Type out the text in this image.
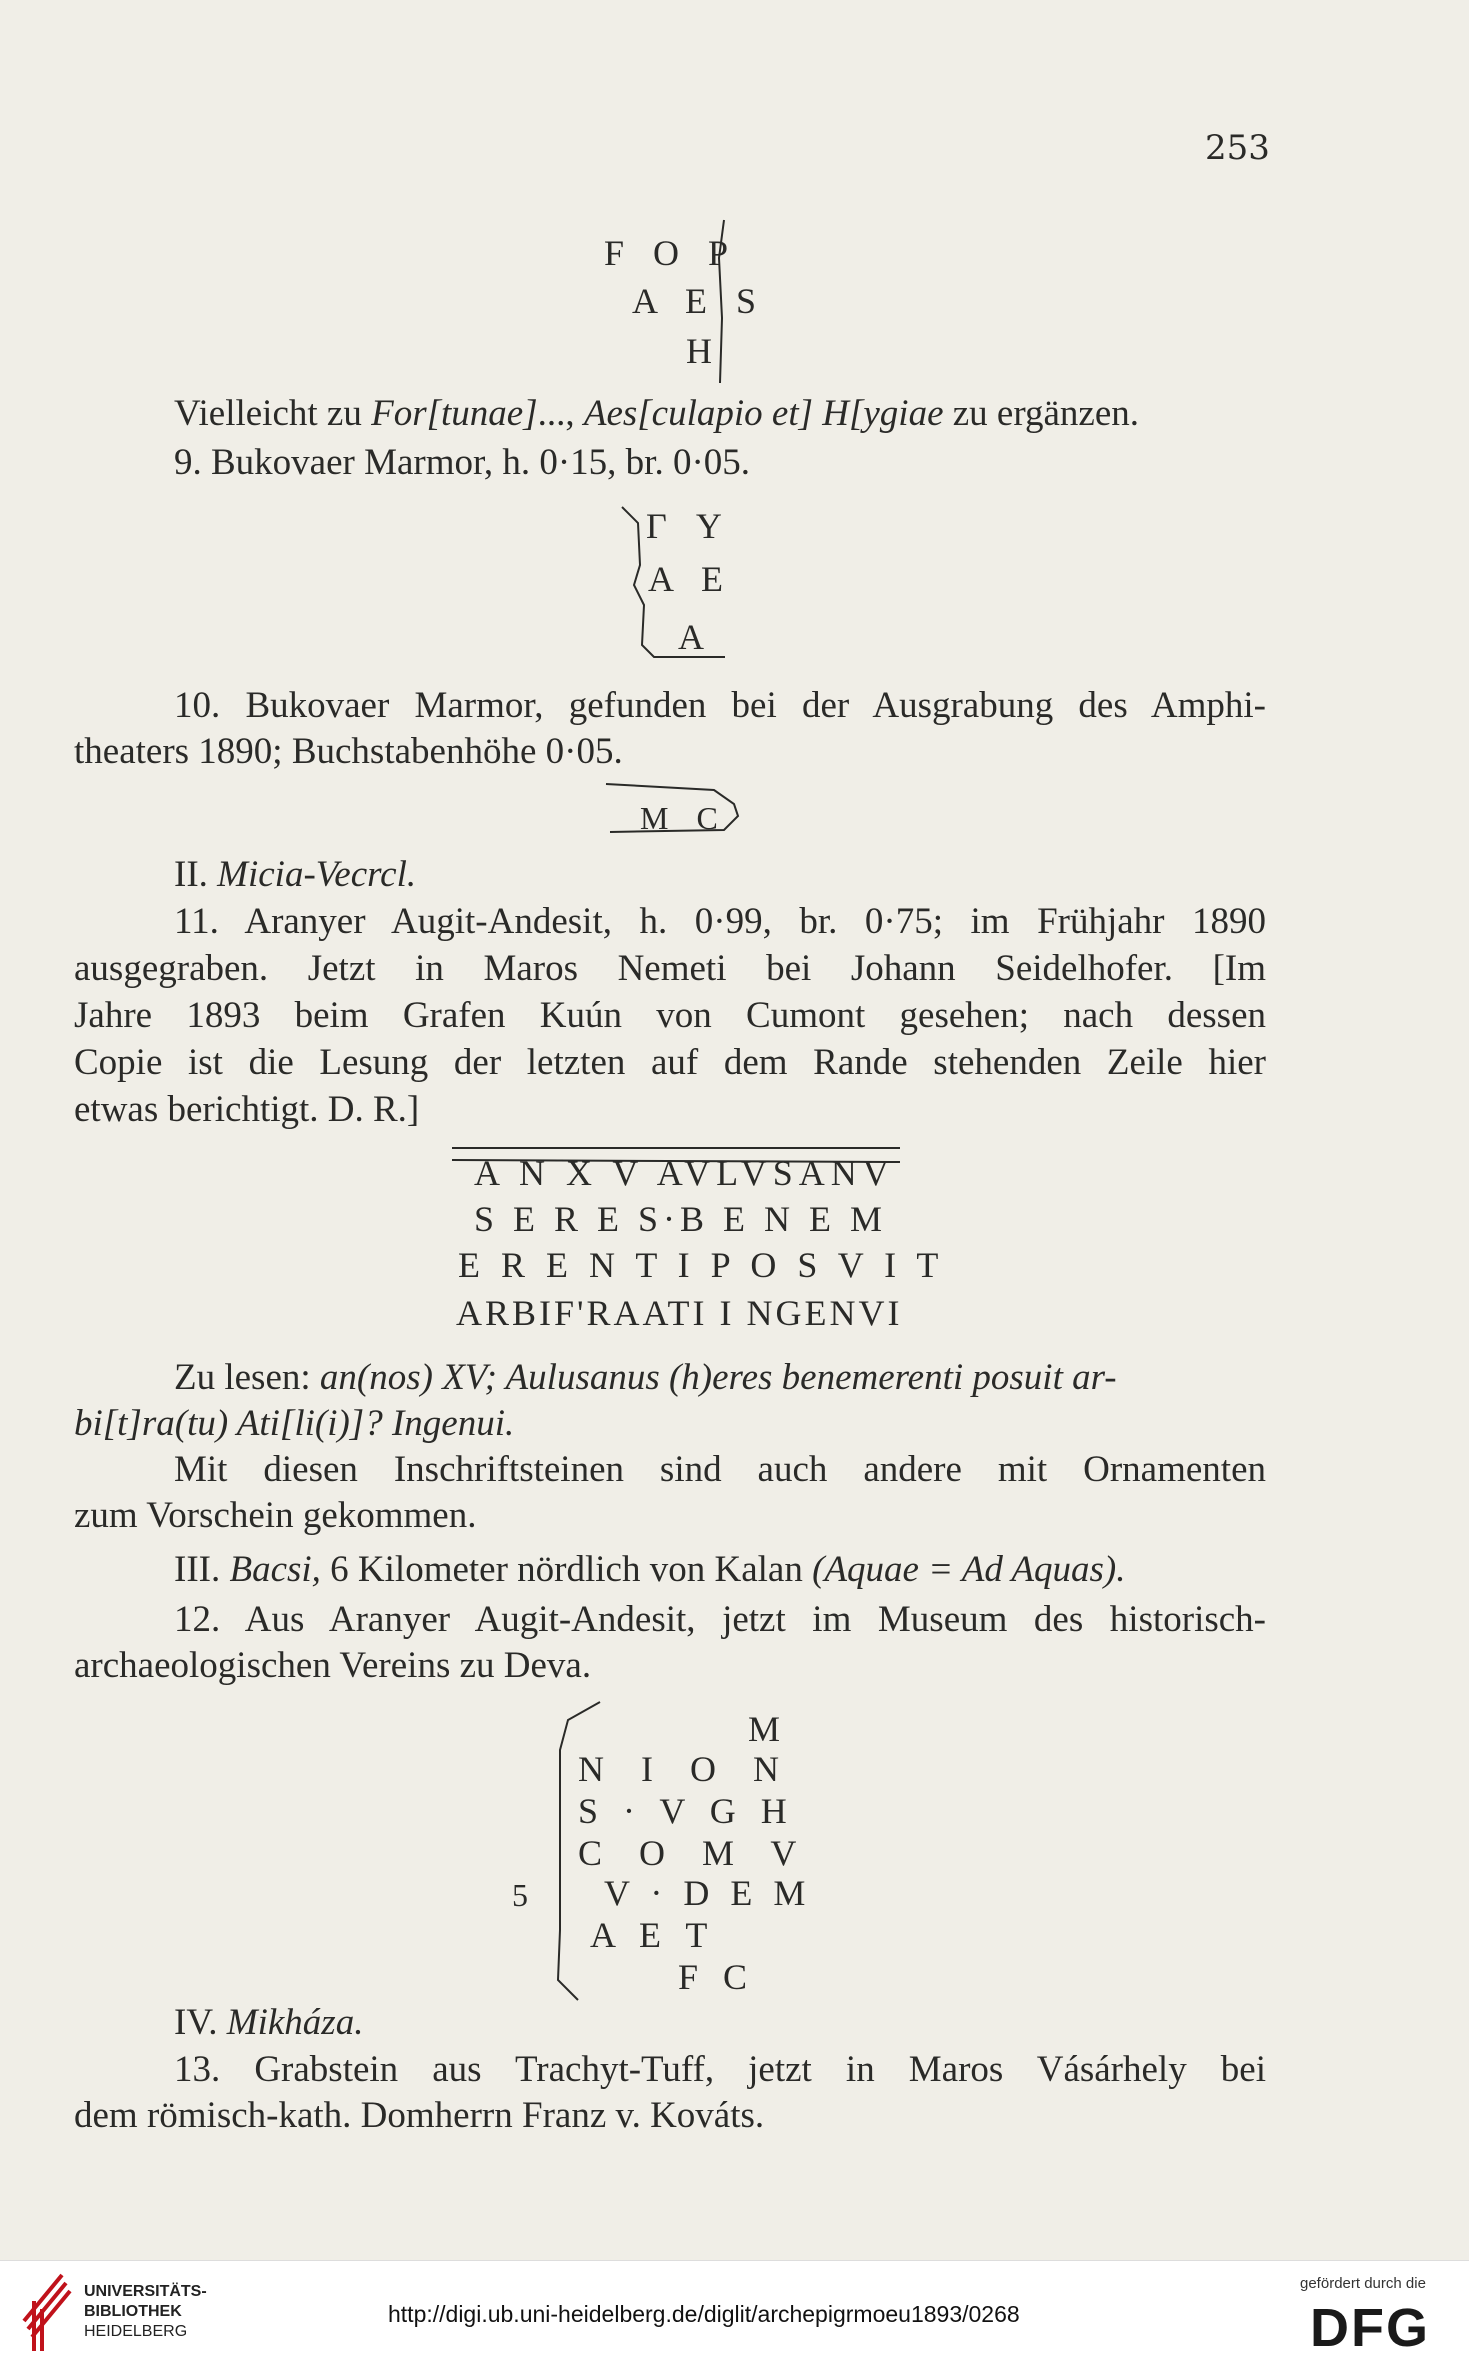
253
F O P
A E S
H
Vielleicht zu For[tunae]..., Aes[culapio et] H[ygiae zu ergänzen.
9. Bukovaer Marmor, h. 0·15, br. 0·05.
Γ Y
A E
A
10. Bukovaer Marmor, gefunden bei der Ausgrabung des Amphi-
theaters 1890; Buchstabenhöhe 0·05.
M C
II. Micia-Vecrcl.
11. Aranyer Augit-Andesit, h. 0·99, br. 0·75; im Frühjahr 1890
ausgegraben. Jetzt in Maros Nemeti bei Johann Seidelhofer. [Im
Jahre 1893 beim Grafen Kuún von Cumont gesehen; nach dessen
Copie ist die Lesung der letzten auf dem Rande stehenden Zeile hier
etwas berichtigt. D. R.]
A N X V AVLVSANV
S E R E S·B E N E M
E R E N T I P O S V I T
ARBIF'RAATI I NGENVI
Zu lesen: an(nos) XV; Aulusanus (h)eres benemerenti posuit ar-
bi[t]ra(tu) Ati[li(i)]? Ingenui.
Mit diesen Inschriftsteinen sind auch andere mit Ornamenten
zum Vorschein gekommen.
III. Bacsi, 6 Kilometer nördlich von Kalan (Aquae = Ad Aquas).
12. Aus Aranyer Augit-Andesit, jetzt im Museum des historisch-
archaeologischen Vereins zu Deva.
M
N I O N
S · V G H
C O M V
5 V · D E M
A E T
F C
IV. Mikháza.
13. Grabstein aus Trachyt-Tuff, jetzt in Maros Vásárhely bei
dem römisch-kath. Domherrn Franz v. Kováts.
UNIVERSITÄTS-
BIBLIOTHEK
HEIDELBERG
http://digi.ub.uni-heidelberg.de/diglit/archepigrmoeu1893/0268
gefördert durch die
DFG
